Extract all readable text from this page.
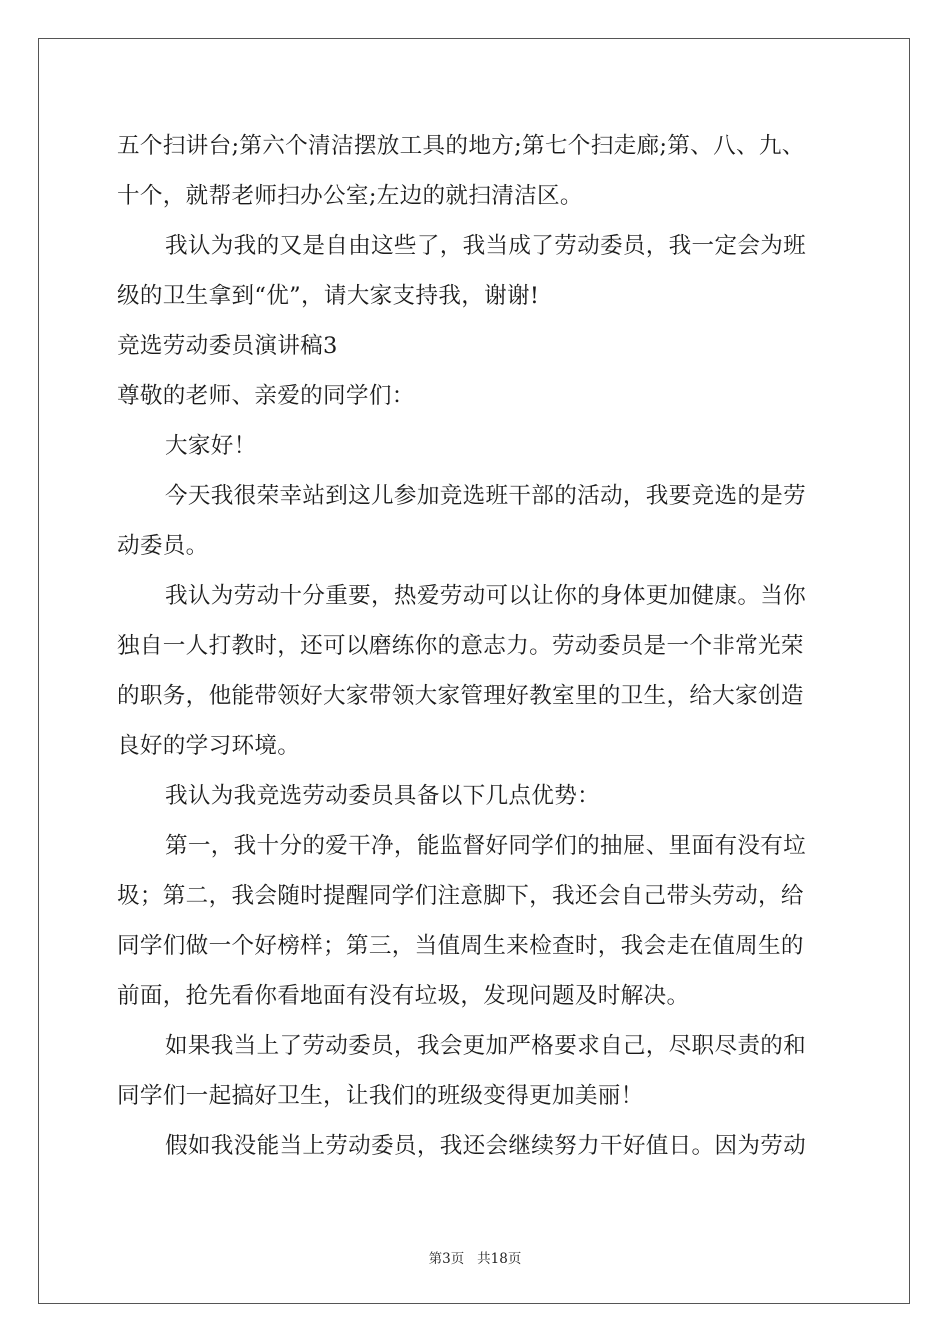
五个扫讲台;第六个清洁摆放工具的地方;第七个扫走廊;第、八、九、

十个，就帮老师扫办公室;左边的就扫清洁区。

我认为我的又是自由这些了，我当成了劳动委员，我一定会为班

级的卫生拿到“优”，请大家支持我，谢谢!

竞选劳动委员演讲稿3

尊敬的老师、亲爱的同学们：

大家好！

今天我很荣幸站到这儿参加竞选班干部的活动，我要竞选的是劳

动委员。

我认为劳动十分重要，热爱劳动可以让你的身体更加健康。当你

独自一人打教时，还可以磨练你的意志力。劳动委员是一个非常光荣

的职务，他能带领好大家带领大家管理好教室里的卫生，给大家创造

良好的学习环境。

我认为我竞选劳动委员具备以下几点优势：

第一，我十分的爱干净，能监督好同学们的抽屉、里面有没有垃

圾；第二，我会随时提醒同学们注意脚下，我还会自己带头劳动，给

同学们做一个好榜样；第三，当值周生来检查时，我会走在值周生的

前面，抢先看你看地面有没有垃圾，发现问题及时解决。

如果我当上了劳动委员，我会更加严格要求自己，尽职尽责的和

同学们一起搞好卫生，让我们的班级变得更加美丽！

假如我没能当上劳动委员，我还会继续努力干好值日。因为劳动

第3页 共18页
